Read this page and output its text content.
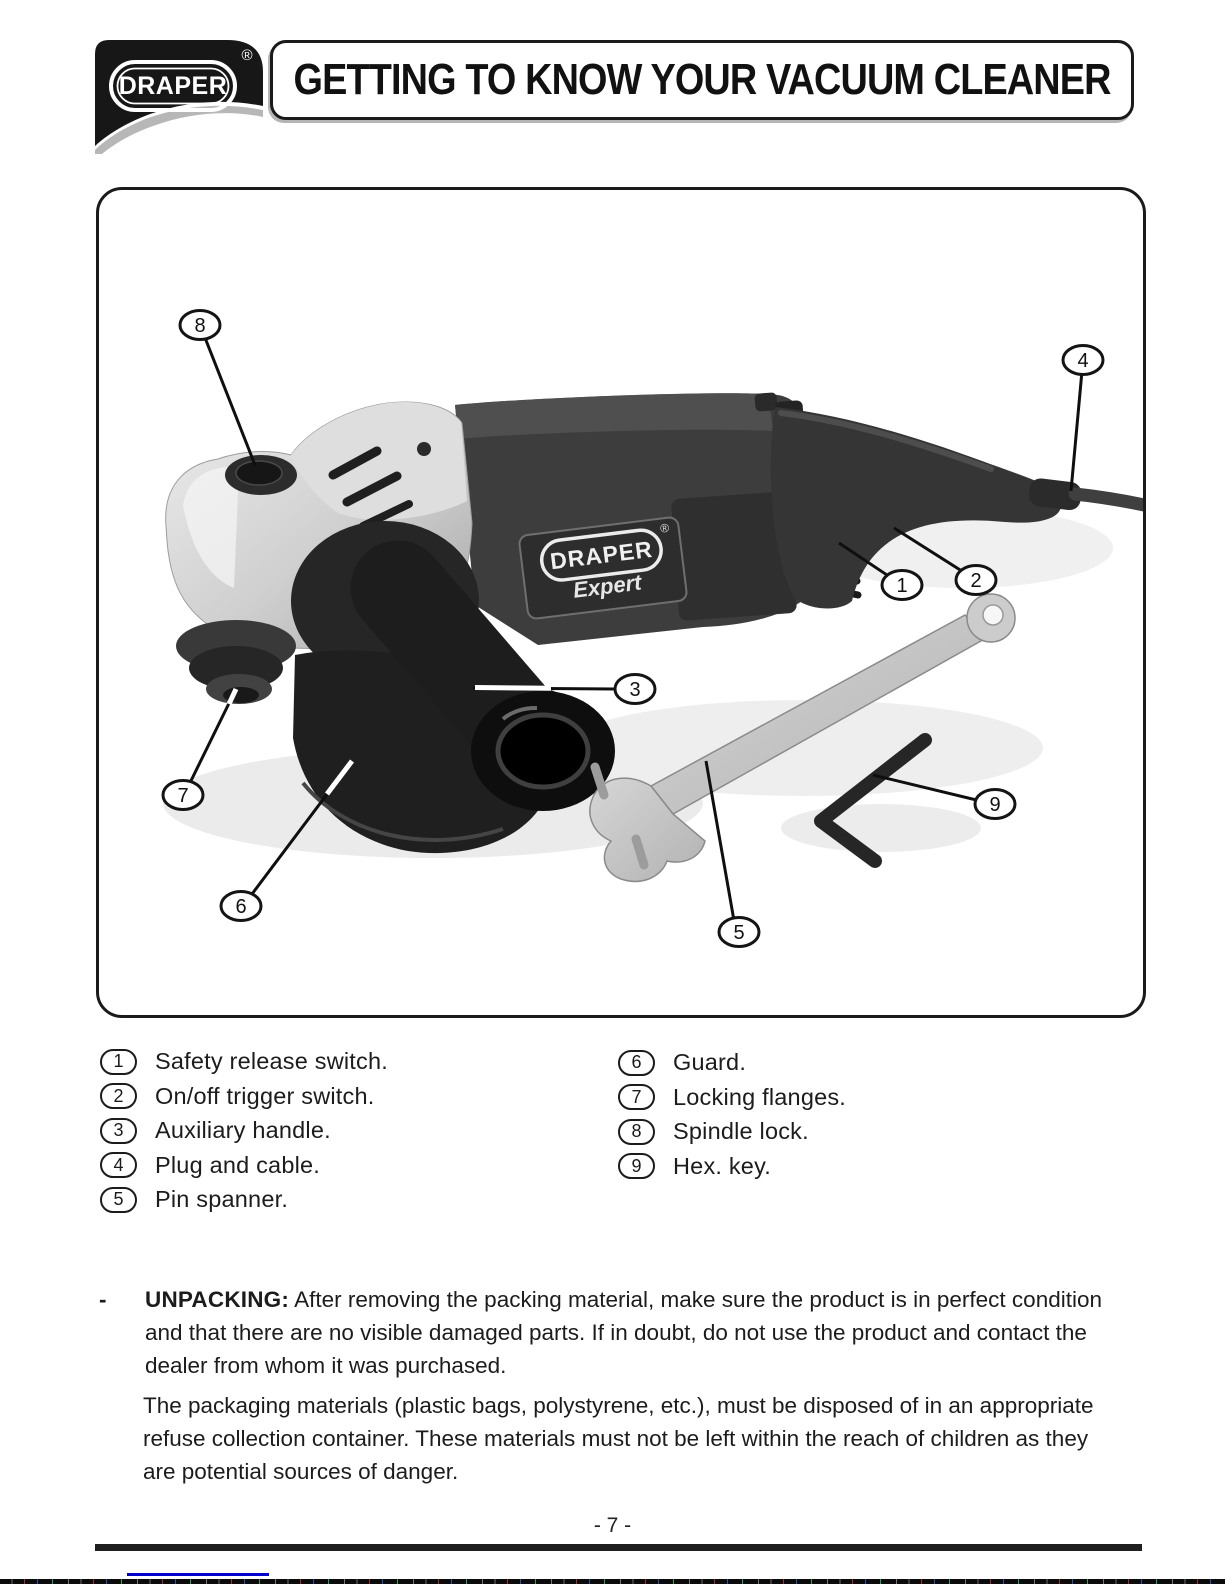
DRAPER
® GETTING TO KNOW YOUR VACUUM CLEANER
DRAPER
®
Expert	1	2
3
4
5
6
7
8
9
1	Safety release switch.
2	On/off trigger switch.
3	Auxiliary handle.
4	Plug and cable.
5	Pin spanner.
6	Guard.
7	Locking flanges.
8	Spindle lock.
9	Hex. key.
- UNPACKING: After removing the packing material, make sure the product is in perfect condition and that there are no visible damaged parts. If in doubt, do not use the product and contact the dealer from whom it was purchased.
The packaging materials (plastic bags, polystyrene, etc.), must be disposed of in an appropriate refuse collection container. These materials must not be left within the reach of children as they are potential sources of danger.
- 7 -
